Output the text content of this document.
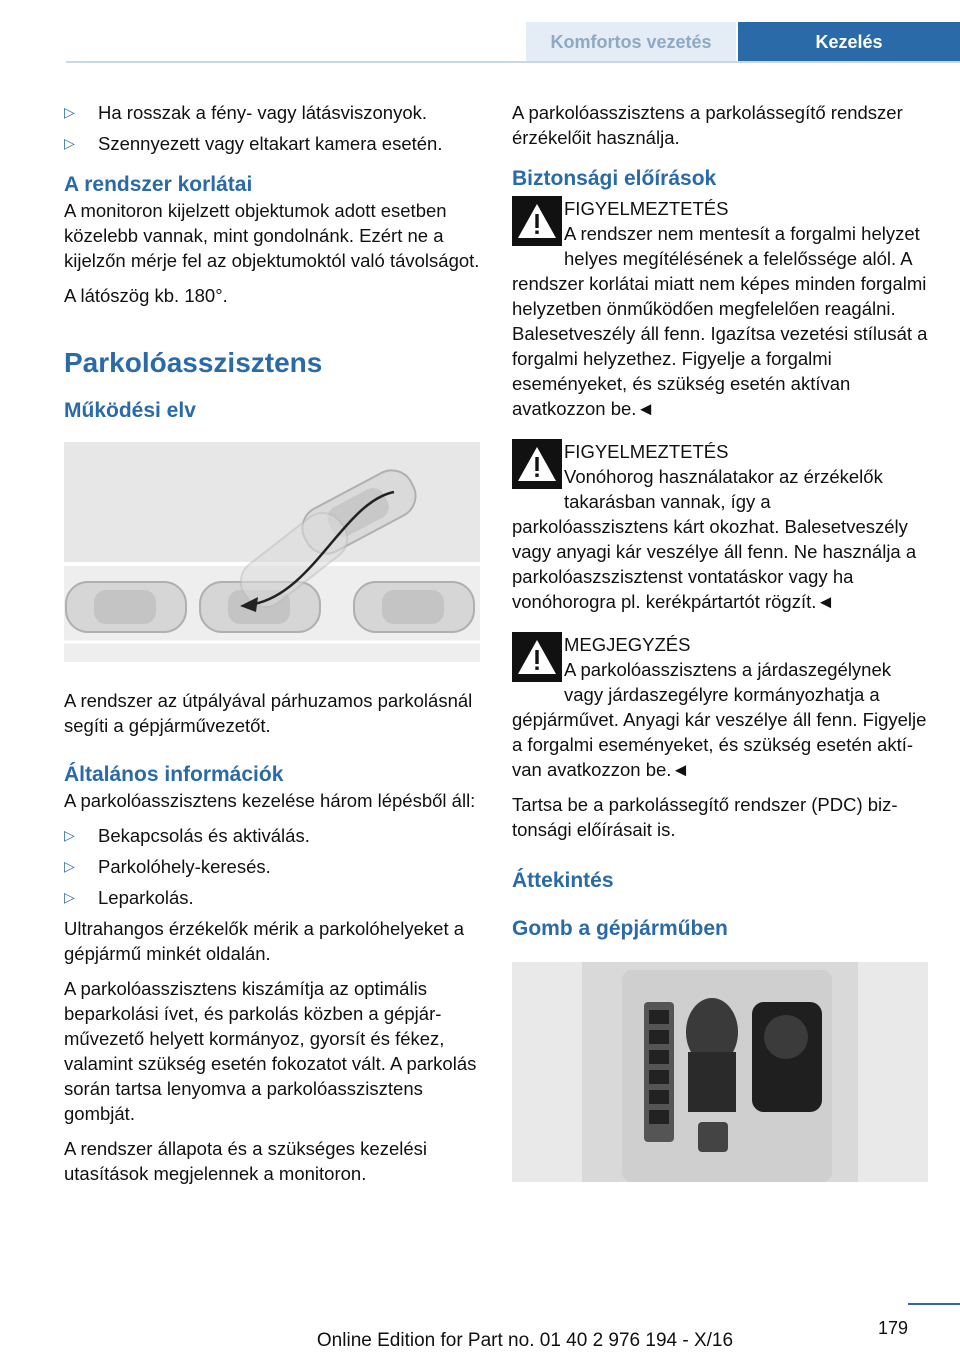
Komfortos vezetés	Kezelés
▷ Ha rosszak a fény- vagy látásviszonyok.
▷ Szennyezett vagy eltakart kamera esetén.
A rendszer korlátai

A monitoron kijelzett objektumok adott esetben közelebb vannak, mint gondolnánk. Ezért ne a kijelzőn mérje fel az objektumoktól való távolságot.

A látószög kb. 180°.

Parkolóasszisztens
Működési elv

A rendszer az útpályával párhuzamos parkolásnál segíti a gépjárművezetőt.

Általános információk

A parkolóasszisztens kezelése három lépésből áll:

▷ Bekapcsolás és aktiválás.
▷ Parkolóhely-keresés.
▷ Leparkolás.

Ultrahangos érzékelők mérik a parkolóhelyeket a gépjármű minkét oldalán.

A parkolóasszisztens kiszámítja az optimális beparkolási ívet, és parkolás közben a gépjárművezető helyett kormányoz, gyorsít és fékez, valamint szükség esetén fokozatot vált. A parkolás során tartsa lenyomva a parkolóasszisztens gombját.

A rendszer állapota és a szükséges kezelési utasítások megjelennek a monitoron.

A parkolóasszisztens a parkolássegítő rendszer érzékelőit használja.

Biztonsági előírások
FIGYELMEZTETÉS
A rendszer nem mentesít a forgalmi helyzet helyes megítélésének a felelőssége alól. A rendszer korlátai miatt nem képes minden forgalmi helyzetben önműködően megfelelően reagálni. Balesetveszély áll fenn. Igazítsa vezetési stílusát a forgalmi helyzethez. Figyelje a forgalmi eseményeket, és szükség esetén aktívan avatkozzon be.◄
FIGYELMEZTETÉS
Vonóhorog használatakor az érzékelők takarásban vannak, így a parkolóasszisztens kárt okozhat. Balesetveszély vagy anyagi kár veszélye áll fenn. Ne használja a parkolóaszszisztenst vontatáskor vagy ha vonóhorogra pl. kerékpártartót rögzít.◄
MEGJEGYZÉS
A parkolóasszisztens a járdaszegélynek vagy járdaszegélyre kormányozhatja a gépjárművet. Anyagi kár veszélye áll fenn. Figyelje a forgalmi eseményeket, és szükség esetén aktívan avatkozzon be.◄

Tartsa be a parkolássegítő rendszer (PDC) biztonsági előírásait is.

Áttekintés
Gomb a gépjárműben
179
Online Edition for Part no. 01 40 2 976 194 - X/16
